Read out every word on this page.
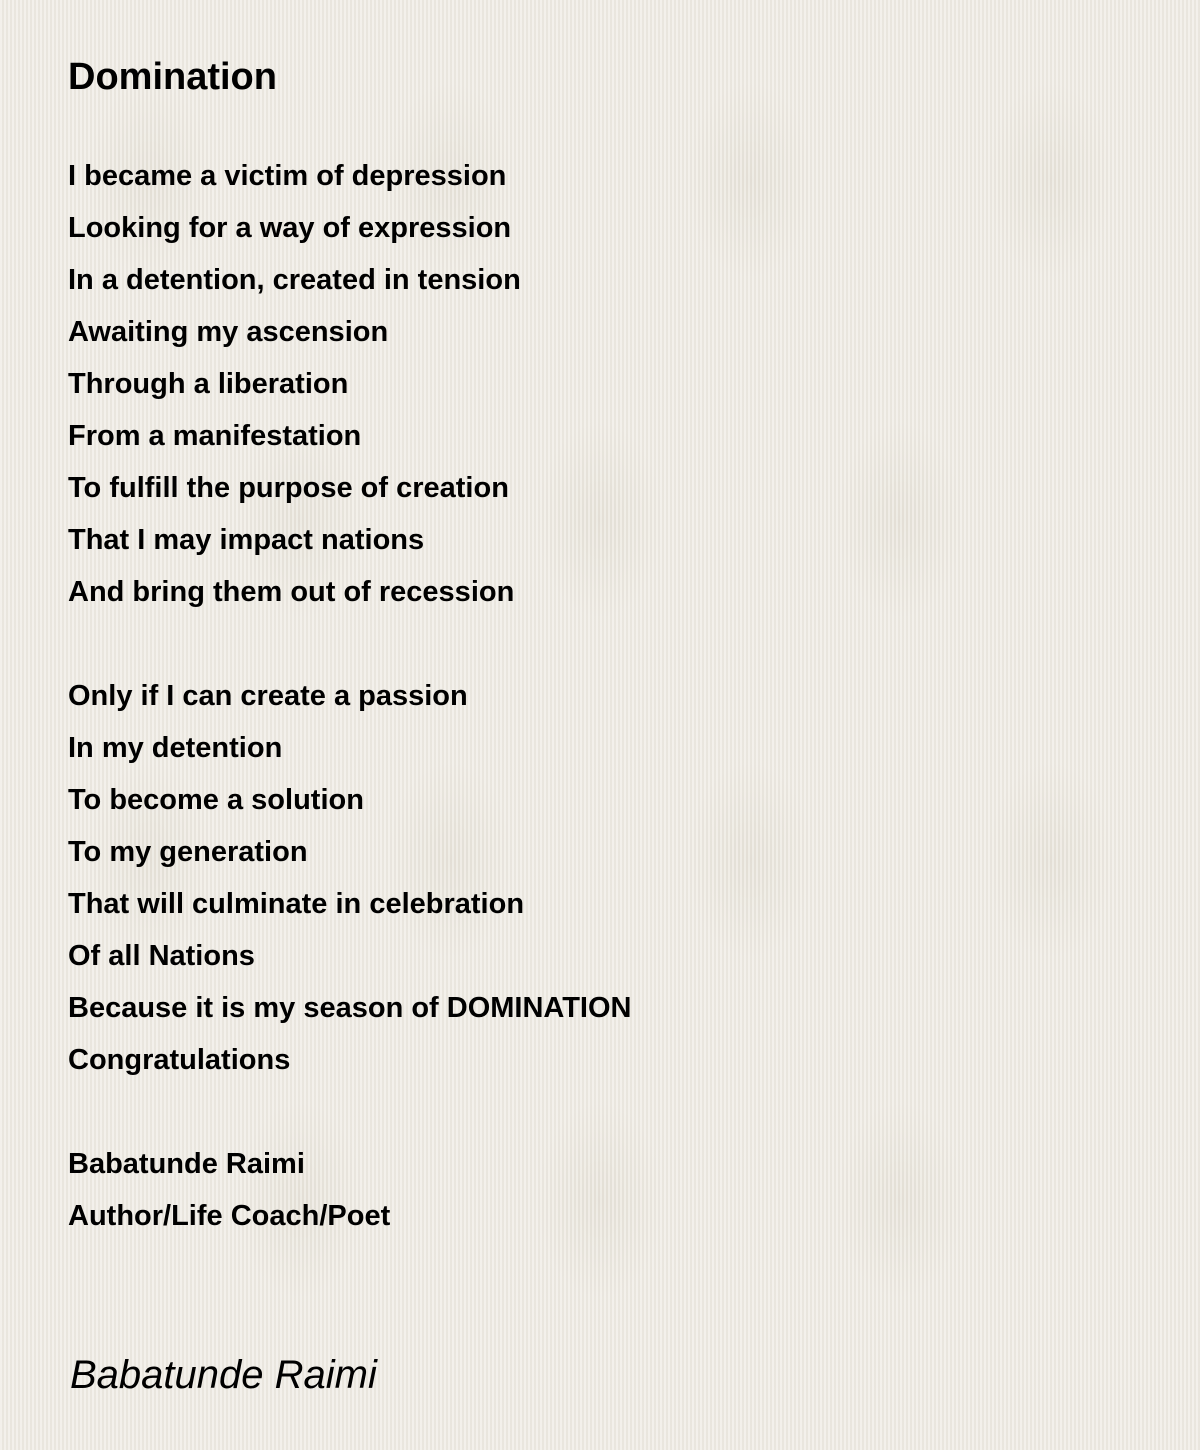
Domination
I became a victim of depression
Looking for a way of expression
In a detention, created in tension
Awaiting my ascension
Through a liberation
From a manifestation
To fulfill the purpose of creation
That I may impact nations
And bring them out of recession
Only if I can create a passion
In my detention
To become a solution
To my generation
That will culminate in celebration
Of all Nations
Because it is my season of DOMINATION
Congratulations
Babatunde Raimi
Author/Life Coach/Poet
Babatunde Raimi
